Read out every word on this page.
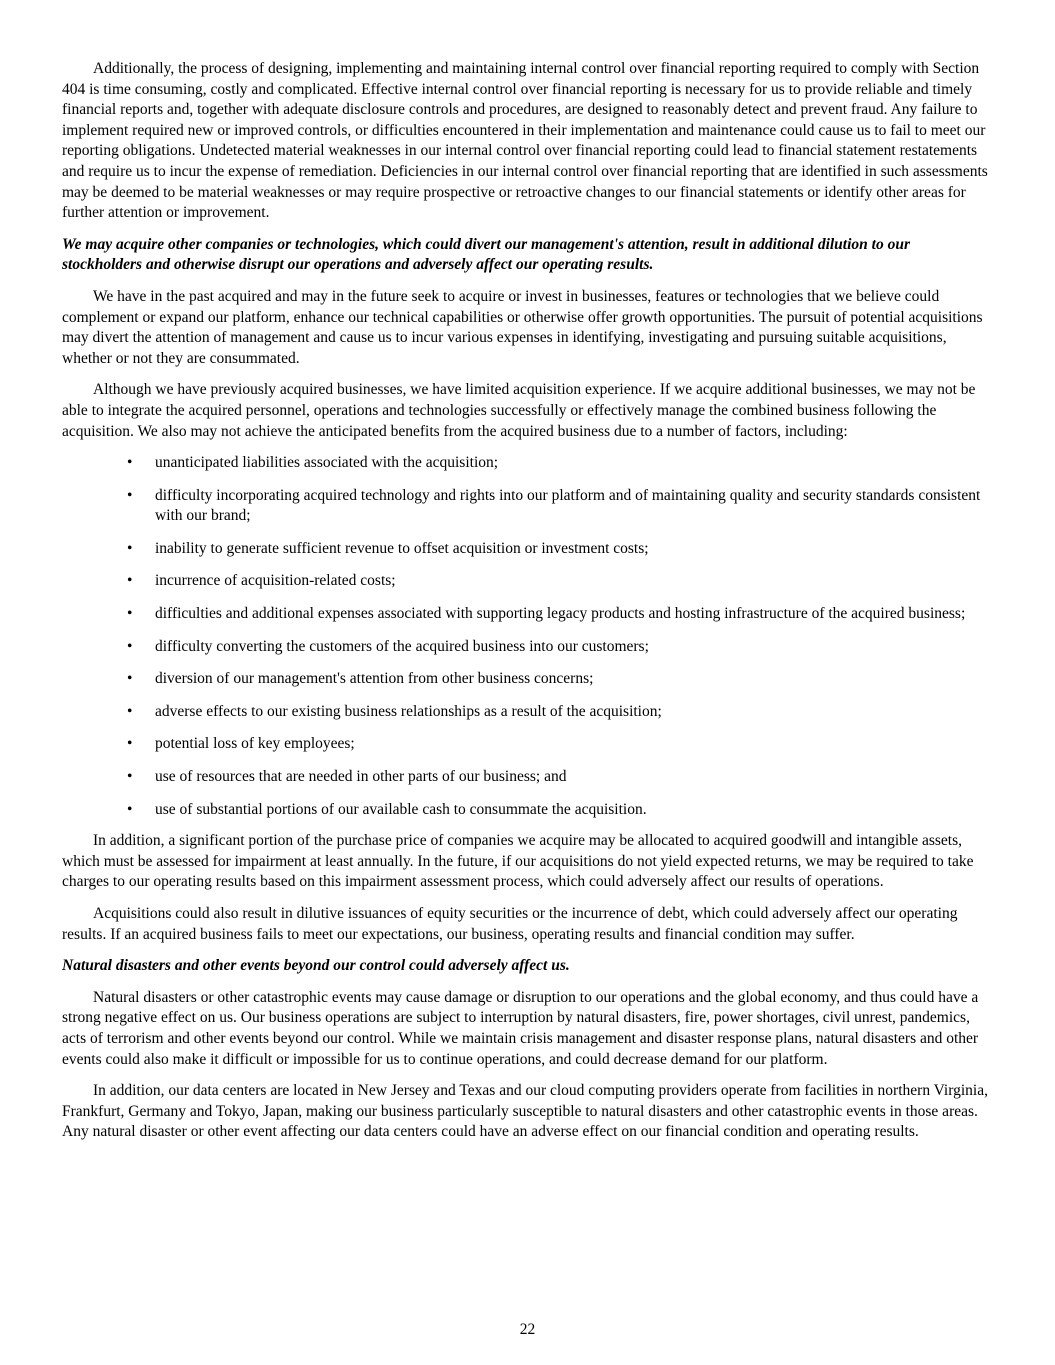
Additionally, the process of designing, implementing and maintaining internal control over financial reporting required to comply with Section 404 is time consuming, costly and complicated. Effective internal control over financial reporting is necessary for us to provide reliable and timely financial reports and, together with adequate disclosure controls and procedures, are designed to reasonably detect and prevent fraud. Any failure to implement required new or improved controls, or difficulties encountered in their implementation and maintenance could cause us to fail to meet our reporting obligations. Undetected material weaknesses in our internal control over financial reporting could lead to financial statement restatements and require us to incur the expense of remediation. Deficiencies in our internal control over financial reporting that are identified in such assessments may be deemed to be material weaknesses or may require prospective or retroactive changes to our financial statements or identify other areas for further attention or improvement.

We may acquire other companies or technologies, which could divert our management's attention, result in additional dilution to our stockholders and otherwise disrupt our operations and adversely affect our operating results.

We have in the past acquired and may in the future seek to acquire or invest in businesses, features or technologies that we believe could complement or expand our platform, enhance our technical capabilities or otherwise offer growth opportunities. The pursuit of potential acquisitions may divert the attention of management and cause us to incur various expenses in identifying, investigating and pursuing suitable acquisitions, whether or not they are consummated.

Although we have previously acquired businesses, we have limited acquisition experience. If we acquire additional businesses, we may not be able to integrate the acquired personnel, operations and technologies successfully or effectively manage the combined business following the acquisition. We also may not achieve the anticipated benefits from the acquired business due to a number of factors, including:

•	unanticipated liabilities associated with the acquisition;
•	difficulty incorporating acquired technology and rights into our platform and of maintaining quality and security standards consistent with our brand;
•	inability to generate sufficient revenue to offset acquisition or investment costs;
•	incurrence of acquisition-related costs;
•	difficulties and additional expenses associated with supporting legacy products and hosting infrastructure of the acquired business;
•	difficulty converting the customers of the acquired business into our customers;
•	diversion of our management's attention from other business concerns;
•	adverse effects to our existing business relationships as a result of the acquisition;
•	potential loss of key employees;
•	use of resources that are needed in other parts of our business; and
•	use of substantial portions of our available cash to consummate the acquisition.

In addition, a significant portion of the purchase price of companies we acquire may be allocated to acquired goodwill and intangible assets, which must be assessed for impairment at least annually. In the future, if our acquisitions do not yield expected returns, we may be required to take charges to our operating results based on this impairment assessment process, which could adversely affect our results of operations.

Acquisitions could also result in dilutive issuances of equity securities or the incurrence of debt, which could adversely affect our operating results. If an acquired business fails to meet our expectations, our business, operating results and financial condition may suffer.

Natural disasters and other events beyond our control could adversely affect us.

Natural disasters or other catastrophic events may cause damage or disruption to our operations and the global economy, and thus could have a strong negative effect on us. Our business operations are subject to interruption by natural disasters, fire, power shortages, civil unrest, pandemics, acts of terrorism and other events beyond our control. While we maintain crisis management and disaster response plans, natural disasters and other events could also make it difficult or impossible for us to continue operations, and could decrease demand for our platform.

In addition, our data centers are located in New Jersey and Texas and our cloud computing providers operate from facilities in northern Virginia, Frankfurt, Germany and Tokyo, Japan, making our business particularly susceptible to natural disasters and other catastrophic events in those areas. Any natural disaster or other event affecting our data centers could have an adverse effect on our financial condition and operating results.

22
